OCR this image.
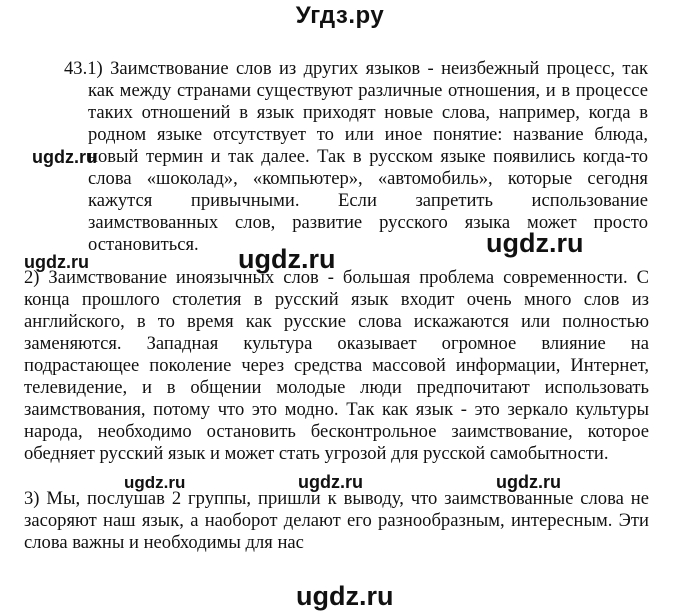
Угдз.ру
43.1) Заимствование слов из других языков - неизбежный процесс, так
как между странами существуют различные отношения, и в процессе
таких отношений в язык приходят новые слова, например, когда в
родном языке отсутствует то или иное понятие: название блюда,
новый термин и так далее. Так в русском языке появились когда-то
слова «шоколад», «компьютер», «автомобиль», которые сегодня
кажутся привычными. Если запретить использование
заимствованных слов, развитие русского языка может просто
остановиться.
2) Заимствование иноязычных слов - большая проблема современности. С
конца прошлого столетия в русский язык входит очень много слов из
английского, в то время как русские слова искажаются или полностью
заменяются. Западная культура оказывает огромное влияние на
подрастающее поколение через средства массовой информации, Интернет,
телевидение, и в общении молодые люди предпочитают использовать
заимствования, потому что это модно. Так как язык - это зеркало культуры
народа, необходимо остановить бесконтрольное заимствование, которое
обедняет русский язык и может стать угрозой для русской самобытности.
3) Мы, послушав 2 группы, пришли к выводу, что заимствованные слова не
засоряют наш язык, а наоборот делают его разнообразным, интересным. Эти
слова важны и необходимы для нас
ugdz.ru
ugdz.ru
ugdz.ru
ugdz.ru
ugdz.ru	ugdz.ru	ugdz.ru
ugdz.ru
